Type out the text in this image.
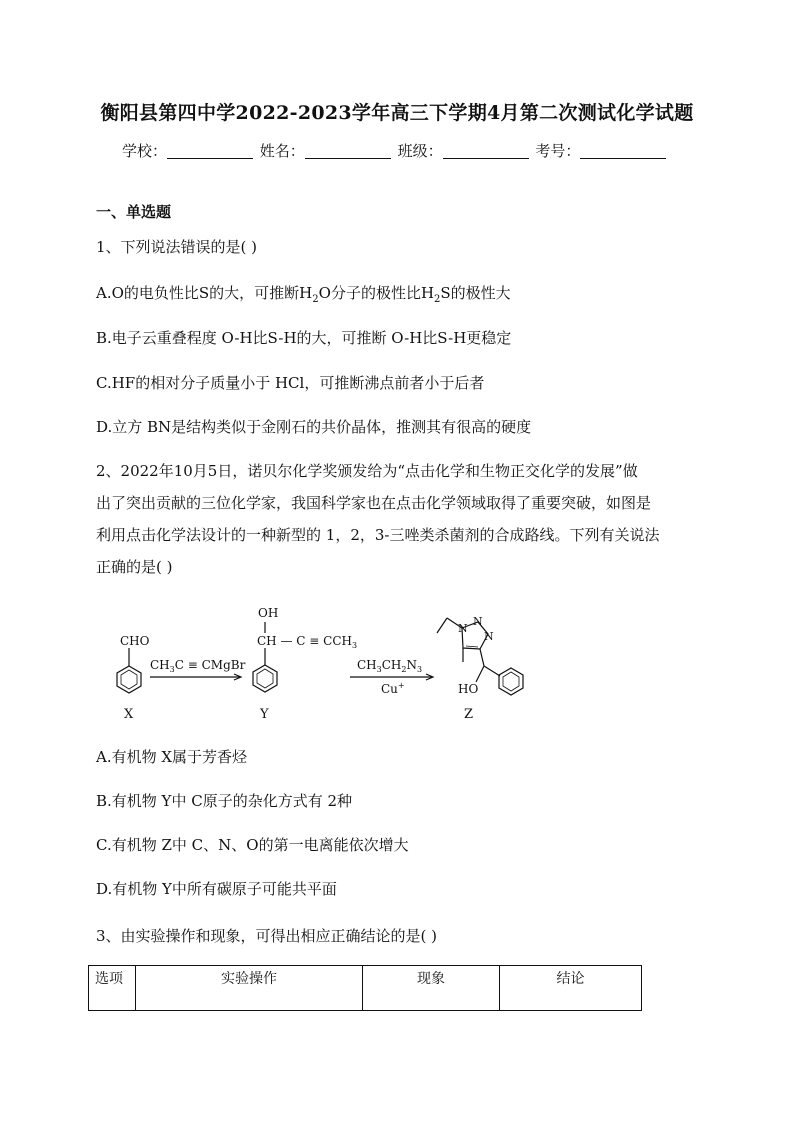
衡阳县第四中学2022-2023学年高三下学期4月第二次测试化学试题
学校：	姓名：	班级：	考号：
一、单选题
1、下列说法错误的是( )
A.O的电负性比S的大，可推断$H_2O$分子的极性比$H_2S$的极性大
B.电子云重叠程度 O-H比S-H的大，可推断 O-H比S-H更稳定
C.HF的相对分子质量小于 HCl，可推断沸点前者小于后者
D.立方 BN是结构类似于金刚石的共价晶体，推测其有很高的硬度
2、2022年10月5日，诺贝尔化学奖颁发给为“点击化学和生物正交化学的发展”做
出了突出贡献的三位化学家，我国科学家也在点击化学领域取得了重要突破，如图是
利用点击化学法设计的一种新型的 1，2，3-三唑类杀菌剂的合成路线。下列有关说法
正确的是( )
CHO
$CH_3C$ ≡ CMgBr
OH
CH — $C \equiv CCH_3$
$CH_3CH_2N_3$
Cu+
N
N
N
HO
X	Y	Z
A.有机物 X属于芳香烃
B.有机物 Y中 C原子的杂化方式有 2种
C.有机物 Z中 C、N、O的第一电离能依次增大
D.有机物 Y中所有碳原子可能共平面
3、由实验操作和现象，可得出相应正确结论的是( )
选项	实验操作	现象	结论
